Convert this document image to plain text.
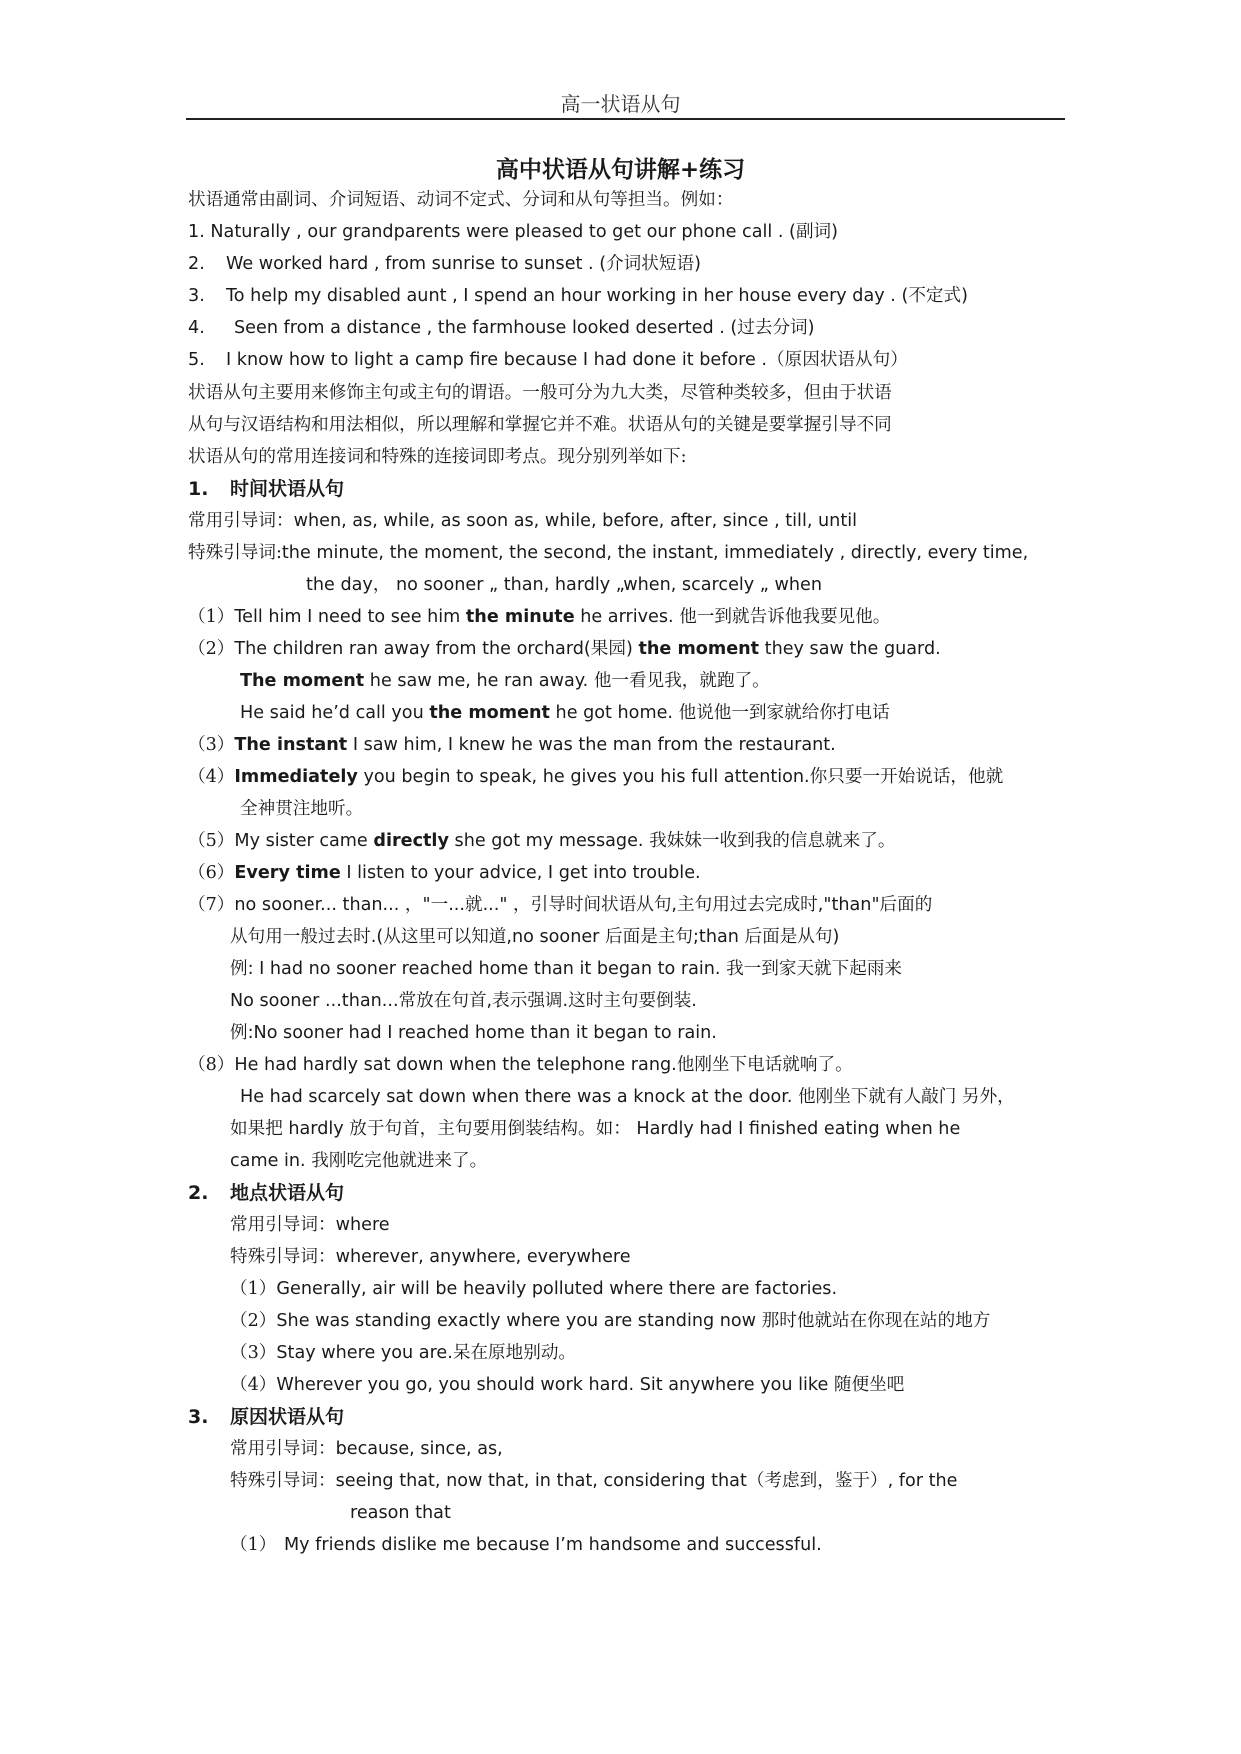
高一状语从句
高中状语从句讲解+练习
状语通常由副词、介词短语、动词不定式、分词和从句等担当。例如：
1. Naturally , our grandparents were pleased to get our phone call . (副词)
2. We worked hard , from sunrise to sunset . (介词状短语)
3. To help my disabled aunt , I spend an hour working in her house every day . (不定式)
4. Seen from a distance , the farmhouse looked deserted . (过去分词)
5. I know how to light a camp fire because I had done it before .（原因状语从句）
状语从句主要用来修饰主句或主句的谓语。一般可分为九大类，尽管种类较多，但由于状语
从句与汉语结构和用法相似，所以理解和掌握它并不难。状语从句的关键是要掌握引导不同
状语从句的常用连接词和特殊的连接词即考点。现分别列举如下:
1. 时间状语从句
常用引导词：when, as, while, as soon as, while, before, after, since , till, until
特殊引导词:the minute, the moment, the second, the instant, immediately , directly, every time,
the day， no sooner „ than, hardly „when, scarcely „ when
（1）Tell him I need to see him the minute he arrives. 他一到就告诉他我要见他。
（2）The children ran away from the orchard(果园) the moment they saw the guard.
The moment he saw me, he ran away. 他一看见我，就跑了。
He said he’d call you the moment he got home. 他说他一到家就给你打电话
（3）The instant I saw him, I knew he was the man from the restaurant.
（4）Immediately you begin to speak, he gives you his full attention.你只要一开始说话，他就
全神贯注地听。
（5）My sister came directly she got my message. 我妹妹一收到我的信息就来了。
（6）Every time I listen to your advice, I get into trouble.
（7）no sooner... than... ，"一...就..." ，引导时间状语从句,主句用过去完成时,"than"后面的
从句用一般过去时.(从这里可以知道,no sooner 后面是主句;than 后面是从句)
例: I had no sooner reached home than it began to rain. 我一到家天就下起雨来
No sooner ...than...常放在句首,表示强调.这时主句要倒装.
例:No sooner had I reached home than it began to rain.
（8）He had hardly sat down when the telephone rang.他刚坐下电话就响了。
He had scarcely sat down when there was a knock at the door. 他刚坐下就有人敲门 另外，
如果把 hardly 放于句首，主句要用倒装结构。如： Hardly had I finished eating when he
came in. 我刚吃完他就进来了。
2. 地点状语从句
常用引导词：where
特殊引导词：wherever, anywhere, everywhere
（1）Generally, air will be heavily polluted where there are factories.
（2）She was standing exactly where you are standing now 那时他就站在你现在站的地方
（3）Stay where you are.呆在原地别动。
（4）Wherever you go, you should work hard. Sit anywhere you like 随便坐吧
3. 原因状语从句
常用引导词：because, since, as,
特殊引导词：seeing that, now that, in that, considering that（考虑到，鉴于）, for the
reason that
（1） My friends dislike me because I’m handsome and successful.
